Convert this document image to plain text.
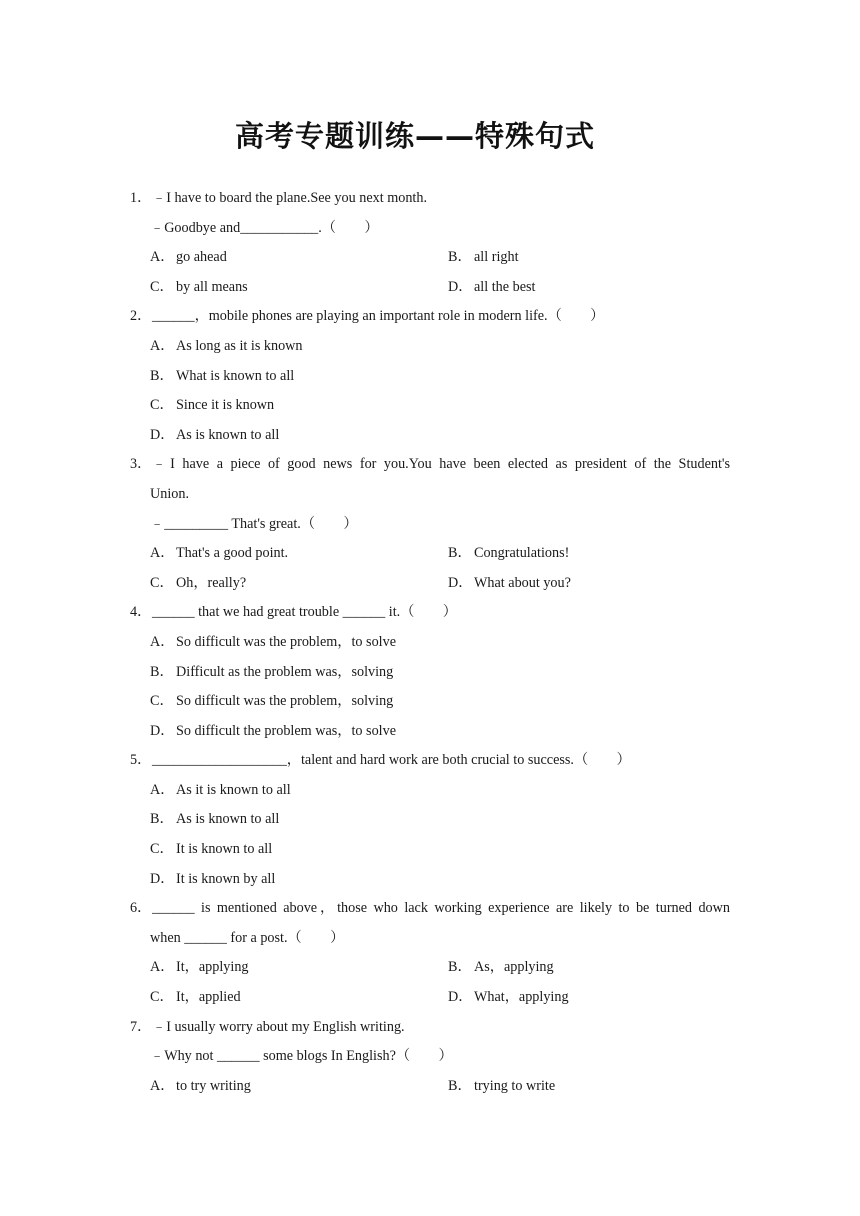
高考专题训练——特殊句式
1．﹣I have to board the plane.See you next month.
﹣Goodbye and___________.（　　）
A． go ahead	B． all right
C． by all means	D． all the best
2．______，mobile phones are playing an important role in modern life.（　　）
A． As long as it is known
B． What is known to all
C． Since it is known
D． As is known to all
3．﹣I have a piece of good news for you.You have been elected as president of the Student's
Union.
﹣_________ That's great.（　　）
A． That's a good point.	B． Congratulations!
C． Oh，really?	D． What about you?
4．______ that we had great trouble ______ it.（　　）
A． So difficult was the problem，to solve
B． Difficult as the problem was，solving
C． So difficult was the problem，solving
D． So difficult the problem was，to solve
5．___________________，talent and hard work are both crucial to success.（　　）
A． As it is known to all
B． As is known to all
C． It is known to all
D． It is known by all
6．______ is mentioned above，those who lack working experience are likely to be turned down
when ______ for a post.（　　）
A． It，applying	B． As，applying
C． It，applied	D． What，applying
7．﹣I usually worry about my English writing.
﹣Why not ______ some blogs In English?（　　）
A． to try writing	B． trying to write
